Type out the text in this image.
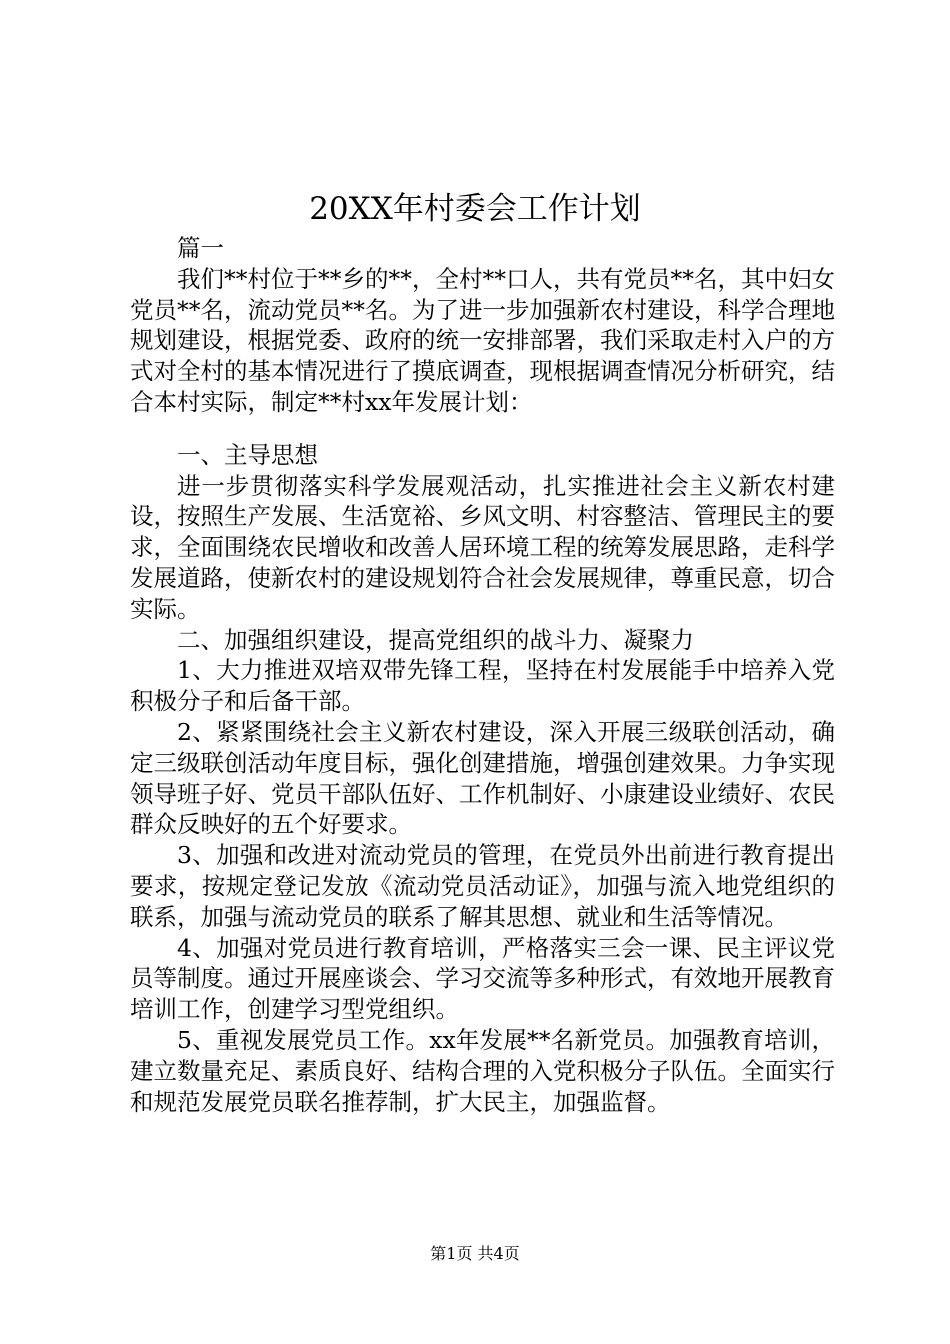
20XX年村委会工作计划

篇一

我们**村位于**乡的**，全村**口人，共有党员**名，其中妇女党员**名，流动党员**名。为了进一步加强新农村建设，科学合理地规划建设，根据党委、政府的统一安排部署，我们采取走村入户的方式对全村的基本情况进行了摸底调查，现根据调查情况分析研究，结合本村实际，制定**村xx年发展计划：

一、主导思想

进一步贯彻落实科学发展观活动，扎实推进社会主义新农村建设，按照生产发展、生活宽裕、乡风文明、村容整洁、管理民主的要求，全面围绕农民增收和改善人居环境工程的统筹发展思路，走科学发展道路，使新农村的建设规划符合社会发展规律，尊重民意，切合实际。

二、加强组织建设，提高党组织的战斗力、凝聚力

1、大力推进双培双带先锋工程，坚持在村发展能手中培养入党积极分子和后备干部。

2、紧紧围绕社会主义新农村建设，深入开展三级联创活动，确定三级联创活动年度目标，强化创建措施，增强创建效果。力争实现领导班子好、党员干部队伍好、工作机制好、小康建设业绩好、农民群众反映好的五个好要求。

3、加强和改进对流动党员的管理，在党员外出前进行教育提出要求，按规定登记发放《流动党员活动证》，加强与流入地党组织的联系，加强与流动党员的联系了解其思想、就业和生活等情况。

4、加强对党员进行教育培训，严格落实三会一课、民主评议党员等制度。通过开展座谈会、学习交流等多种形式，有效地开展教育培训工作，创建学习型党组织。

5、重视发展党员工作。xx年发展**名新党员。加强教育培训，建立数量充足、素质良好、结构合理的入党积极分子队伍。全面实行和规范发展党员联名推荐制，扩大民主，加强监督。

第1页 共4页
